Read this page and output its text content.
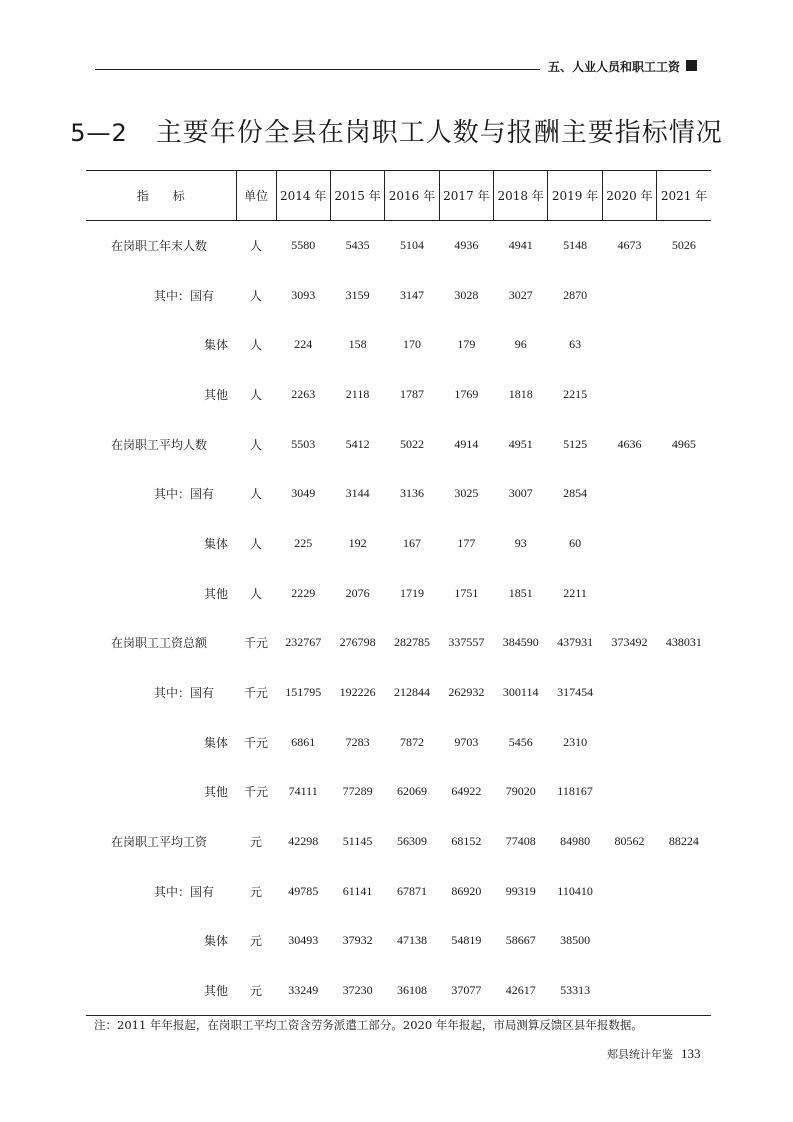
五、人业人员和职工工资
5—2 主要年份全县在岗职工人数与报酬主要指标情况
指标	单位	2014 年	2015 年	2016 年	2017 年	2018 年	2019 年	2020 年	2021 年
在岗职工年末人数	人	5580	5435	5104	4936	4941	5148	4673	5026
其中：国有	人	3093	3159	3147	3028	3027	2870		
集体	人	224	158	170	179	96	63		
其他	人	2263	2118	1787	1769	1818	2215		
在岗职工平均人数	人	5503	5412	5022	4914	4951	5125	4636	4965
其中：国有	人	3049	3144	3136	3025	3007	2854		
集体	人	225	192	167	177	93	60		
其他	人	2229	2076	1719	1751	1851	2211		
在岗职工工资总额	千元	232767	276798	282785	337557	384590	437931	373492	438031
其中：国有	千元	151795	192226	212844	262932	300114	317454		
集体	千元	6861	7283	7872	9703	5456	2310		
其他	千元	74111	77289	62069	64922	79020	118167		
在岗职工平均工资	元	42298	51145	56309	68152	77408	84980	80562	88224
其中：国有	元	49785	61141	67871	86920	99319	110410		
集体	元	30493	37932	47138	54819	58667	38500		
其他	元	33249	37230	36108	37077	42617	53313		
注：2011 年年报起，在岗职工平均工资含劳务派遣工部分。2020 年年报起，市局测算反馈区县年报数据。
郏县统计年鉴 133
